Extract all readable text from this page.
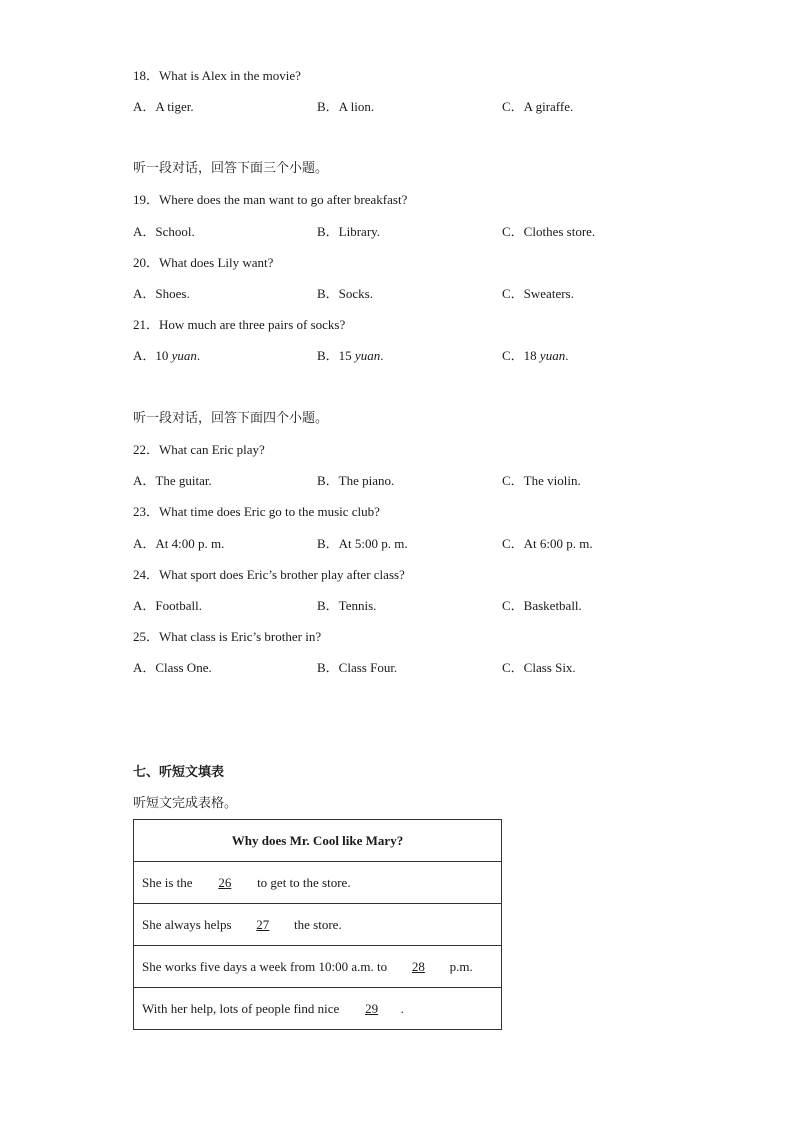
18．What is Alex in the movie?
A．A tiger.	B．A lion.	C．A giraffe.
听一段对话，回答下面三个小题。
19．Where does the man want to go after breakfast?
A．School.	B．Library.	C．Clothes store.
20．What does Lily want?
A．Shoes.	B．Socks.	C．Sweaters.
21．How much are three pairs of socks?
A．10 yuan.	B．15 yuan.	C．18 yuan.
听一段对话，回答下面四个小题。
22．What can Eric play?
A．The guitar.	B．The piano.	C．The violin.
23．What time does Eric go to the music club?
A．At 4:00 p. m.	B．At 5:00 p. m.	C．At 6:00 p. m.
24．What sport does Eric’s brother play after class?
A．Football.	B．Tennis.	C．Basketball.
25．What class is Eric’s brother in?
A．Class One.	B．Class Four.	C．Class Six.
七、听短文填表
听短文完成表格。
Why does Mr. Cool like Mary?
She is the 26 to get to the store.
She always helps 27 the store.
She works five days a week from 10:00 a.m. to 28 p.m.
With her help, lots of people find nice 29 .
